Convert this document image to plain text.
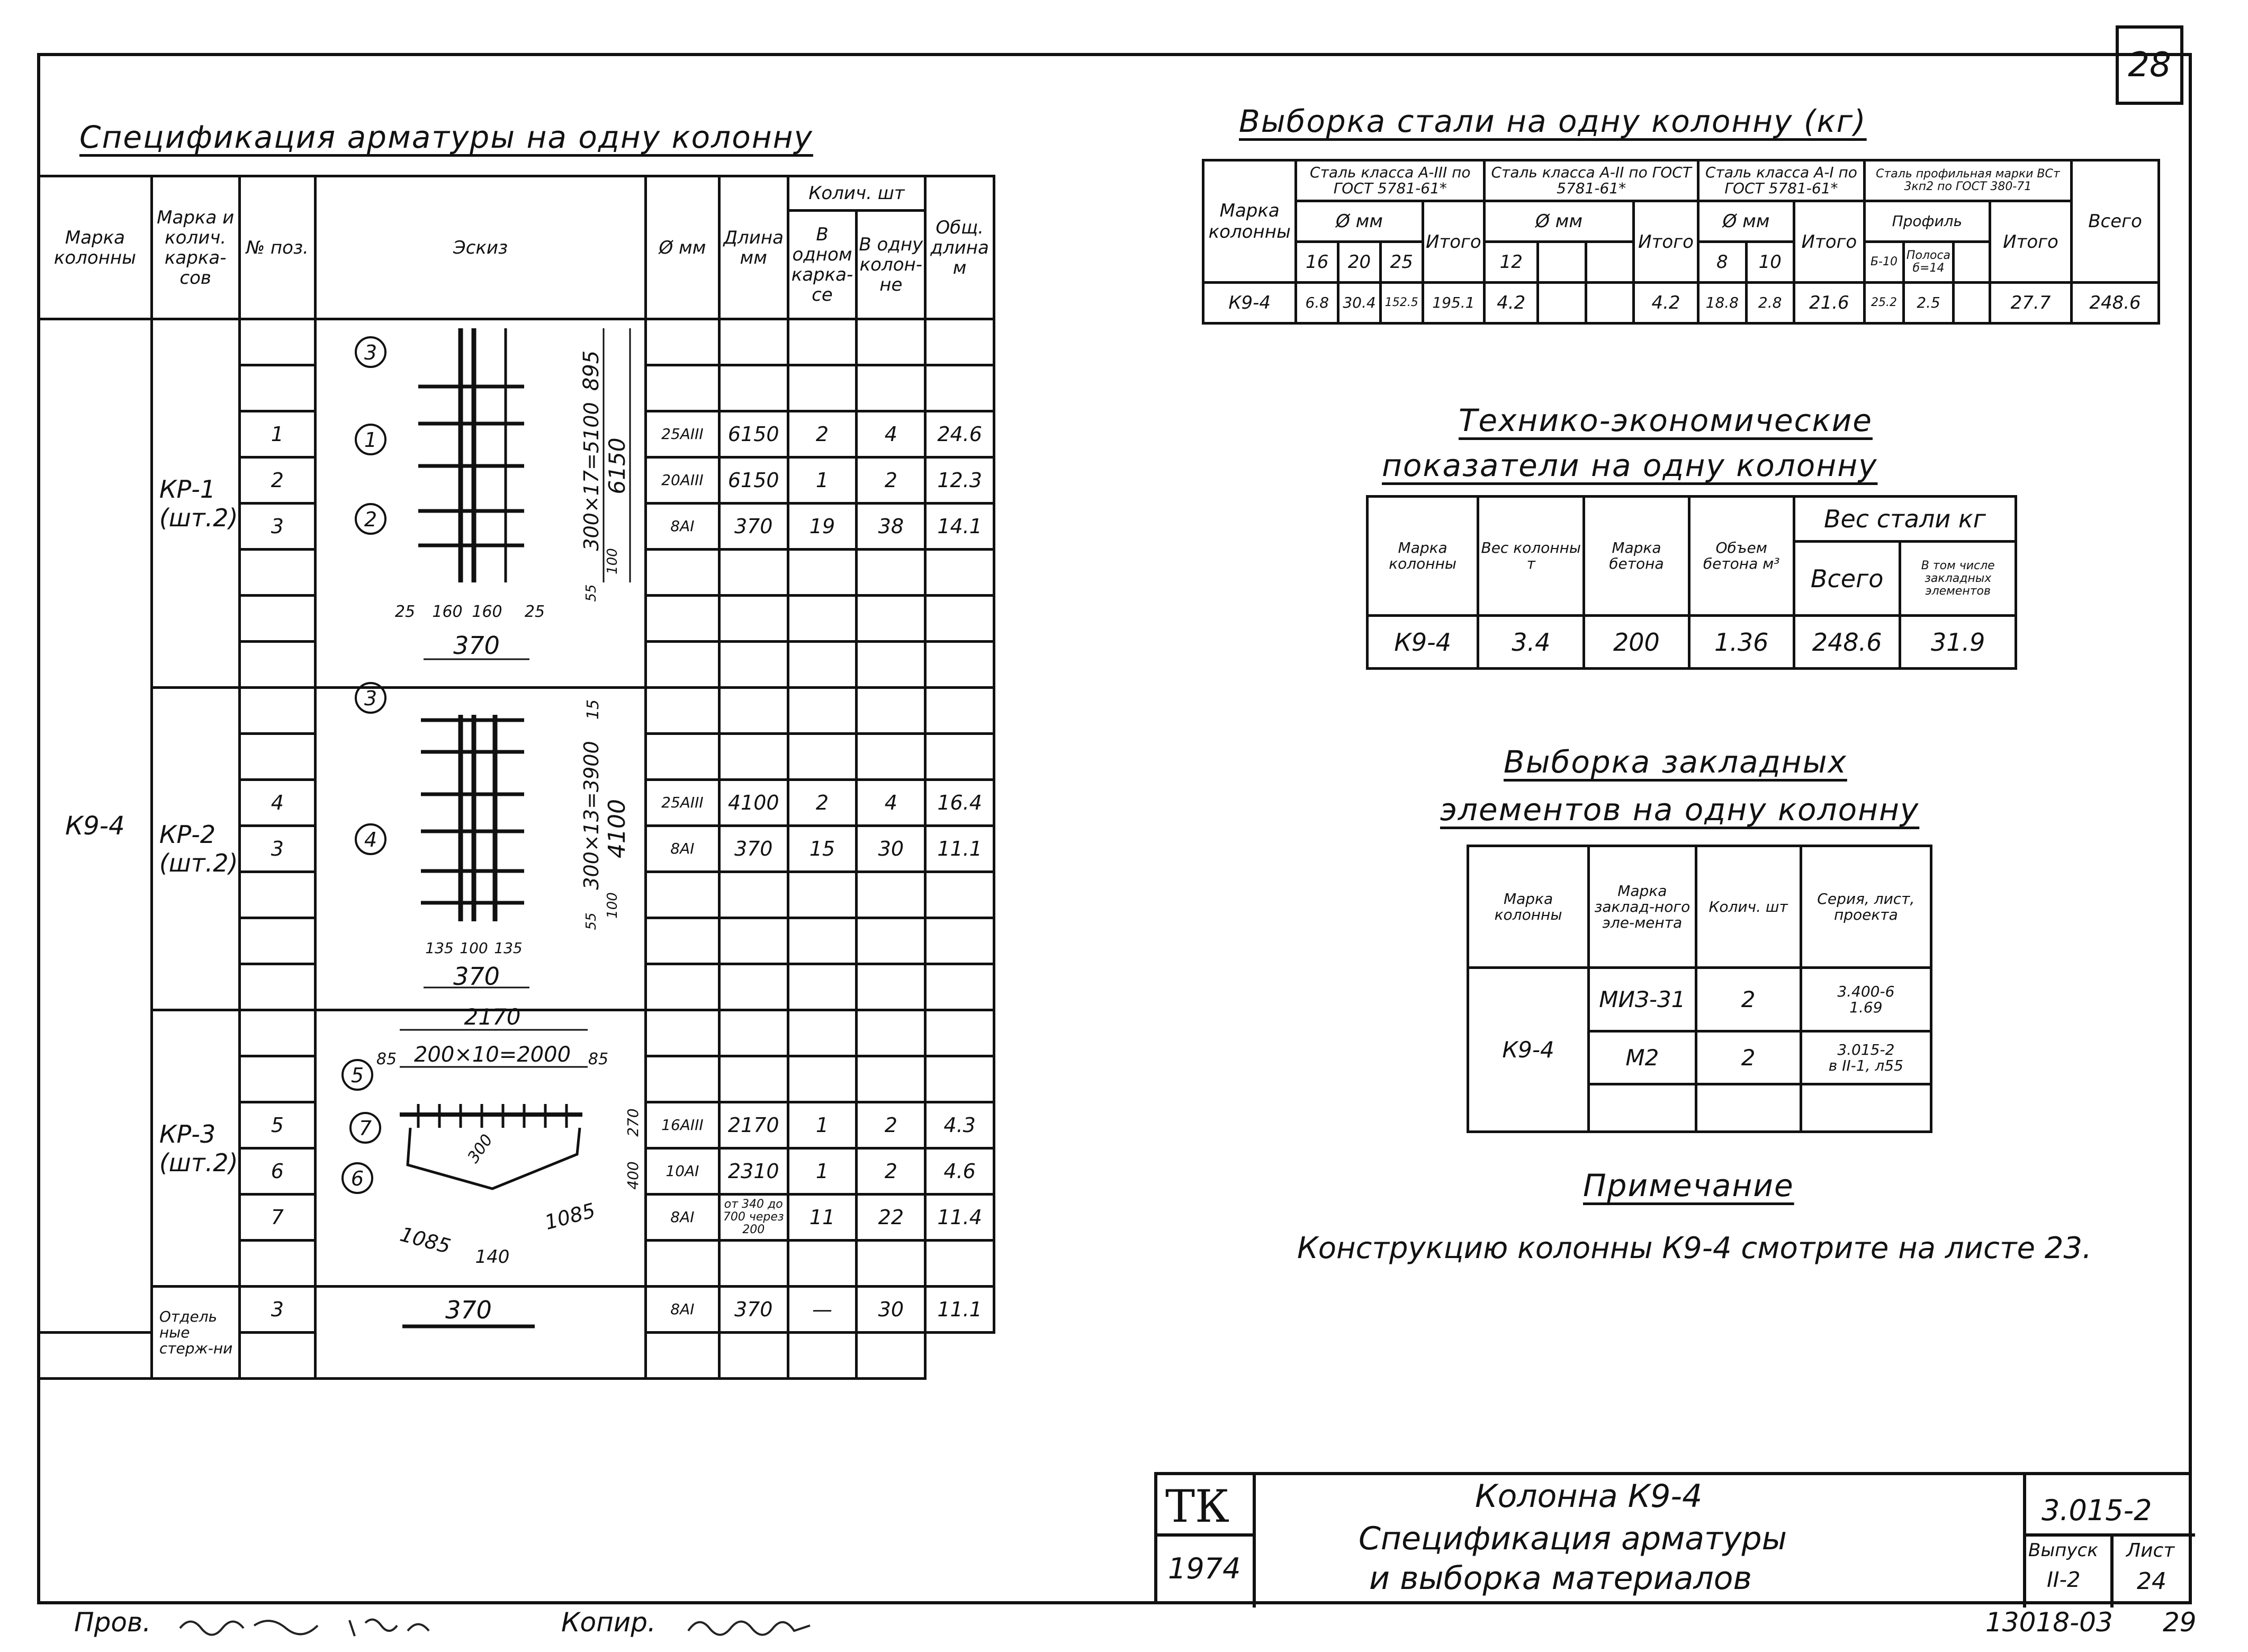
28
Спецификация арматуры на одну колонну
Марка колонны	Марка и колич. карка-сов	№ поз.	Эскиз	Ø мм	Длина мм	Колич. шт		Общ. длина м
						В одном карка-се	В одну колон-не	
К9-4	КР-1
(шт.2)							

		1		25АIII	6150	2	4	24.6
		2		20АIII	6150	1	2	12.3
		3		8АI	370	19	38	14.1

	КР-2
(шт.2)							

		4		25АIII	4100	2	4	16.4
		3		8АI	370	15	30	11.1

	КР-3
(шт.2)							

		5		16АIII	2170	1	2	4.3
		6		10АI	2310	1	2	4.6
		7		8АI	от 340 до 700 через 200	11	22	11.4

	Отдель ные стерж-ни	3		8АI	370	—	30	11.1

895
6150
300×17=5100
100
55
25 160 160 25
370
3
1
2
15
300×13=3900 4100
100
55
135 100 135
370
3
4
2170
200×10=2000
85	85
270
400
300
1085 140
1085
5
7
6
370
Выборка стали на одну колонну (кг)
Марка колонны	Сталь класса А-III по ГОСТ 5781-61*				Сталь класса А-II по ГОСТ 5781-61*				Сталь класса А-I по ГОСТ 5781-61*			Сталь профильная марки ВСт 3кп2 по ГОСТ 380-71				Всего
	Ø мм			Итого	Ø мм			Итого	Ø мм		Итого	Профиль			Итого	
	16	20	25		12				8	10		Б-10	Полоса б=14			
К9-4	6.8	30.4	152.5	195.1	4.2			4.2	18.8	2.8	21.6	25.2	2.5		27.7	248.6
Технико-экономические
показатели на одну колонну
Марка колонны	Вес колонны т	Марка бетона	Объем бетона м³	Вес стали кг	
				Всего	В том числе закладных элементов
К9-4	3.4	200	1.36	248.6	31.9
Выборка закладных
элементов на одну колонну
Марка колонны	Марка заклад-ного эле-мента	Колич. шт	Серия, лист, проекта
К9-4	МИЗ-31	2	3.400-6
1.69

	М2	2	3.015-2
в II-1, л55

Примечание
Конструкцию колонны К9-4 смотрите на листе 23.
ТК
1974
Колонна К9-4
Спецификация арматуры
и выборка материалов
3.015-2
Выпуск
II-2
Лист
24
Пров.	Копир.	13018-03 29
